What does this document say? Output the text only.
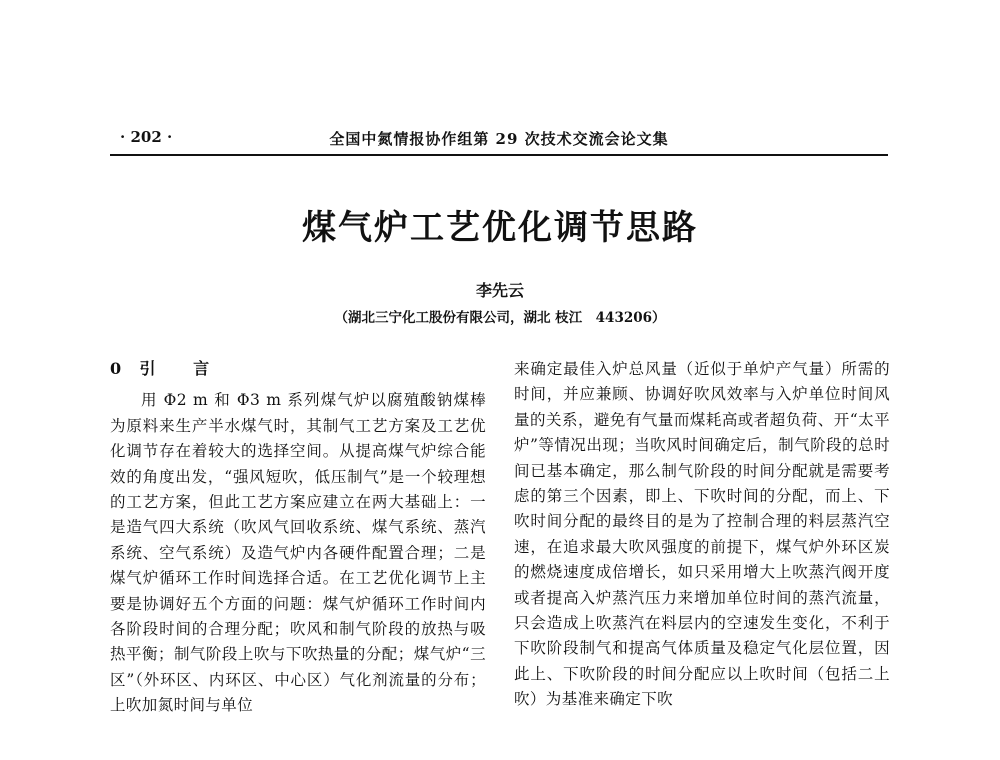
· 202 ·	全国中氮情报协作组第 29 次技术交流会论文集
煤气炉工艺优化调节思路
李先云
（湖北三宁化工股份有限公司，湖北 枝江　443206）
0 引 言

用 Φ2 m 和 Φ3 m 系列煤气炉以腐殖酸钠煤棒为原料来生产半水煤气时，其制气工艺方案及工艺优化调节存在着较大的选择空间。从提高煤气炉综合能效的角度出发，“强风短吹，低压制气”是一个较理想的工艺方案，但此工艺方案应建立在两大基础上：一是造气四大系统（吹风气回收系统、煤气系统、蒸汽系统、空气系统）及造气炉内各硬件配置合理；二是煤气炉循环工作时间选择合适。在工艺优化调节上主要是协调好五个方面的问题：煤气炉循环工作时间内各阶段时间的合理分配；吹风和制气阶段的放热与吸热平衡；制气阶段上吹与下吹热量的分配；煤气炉“三区”（外环区、内环区、中心区）气化剂流量的分布；上吹加氮时间与单位

来确定最佳入炉总风量（近似于单炉产气量）所需的时间，并应兼顾、协调好吹风效率与入炉单位时间风量的关系，避免有气量而煤耗高或者超负荷、开“太平炉”等情况出现；当吹风时间确定后，制气阶段的总时间已基本确定，那么制气阶段的时间分配就是需要考虑的第三个因素，即上、下吹时间的分配，而上、下吹时间分配的最终目的是为了控制合理的料层蒸汽空速，在追求最大吹风强度的前提下，煤气炉外环区炭的燃烧速度成倍增长，如只采用增大上吹蒸汽阀开度或者提高入炉蒸汽压力来增加单位时间的蒸汽流量，只会造成上吹蒸汽在料层内的空速发生变化，不利于下吹阶段制气和提高气体质量及稳定气化层位置，因此上、下吹阶段的时间分配应以上吹时间（包括二上吹）为基准来确定下吹
